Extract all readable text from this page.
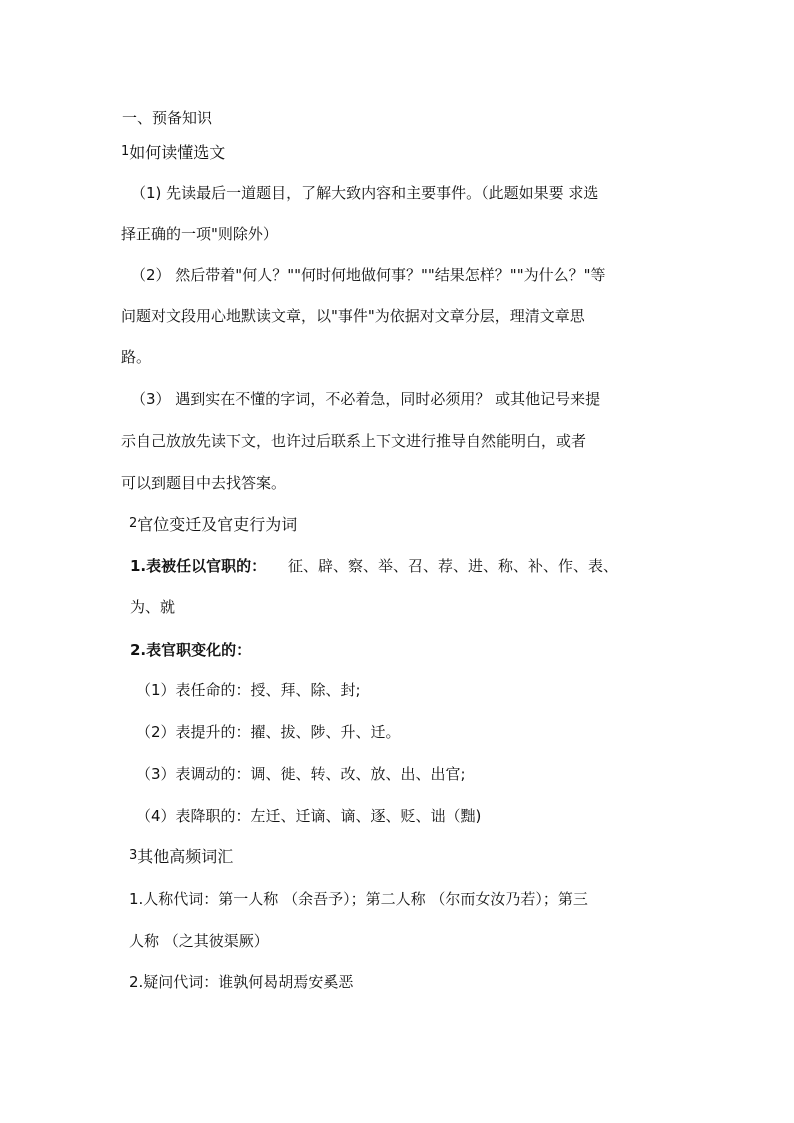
一、预备知识
1如何读懂选文
（1) 先读最后一道题目，了解大致内容和主要事件。（此题如果要 求选
择正确的一项"则除外）
（2） 然后带着"何人？""何时何地做何事？""结果怎样？""为什么？"等
问题对文段用心地默读文章，以"事件"为依据对文章分层，理清文章思
路。
（3） 遇到实在不懂的字词，不必着急，同时必须用？ 或其他记号来提
示自己放放先读下文，也许过后联系上下文进行推导自然能明白，或者
可以到题目中去找答案。
2官位变迁及官吏行为词
1.表被任以官职的： 征、辟、察、举、召、荐、进、称、补、作、表、
为、就
2.表官职变化的：
（1）表任命的：授、拜、除、封;
（2）表提升的：擢、拔、陟、升、迁。
（3）表调动的：调、徙、转、改、放、出、出官;
（4）表降职的：左迁、迁谪、谪、逐、贬、诎（黜)
3其他高频词汇
1.人称代词：第一人称 （余吾予）；第二人称 （尔而女汝乃若）；第三
人称 （之其彼渠厥）
2.疑问代词：谁孰何曷胡焉安奚恶
